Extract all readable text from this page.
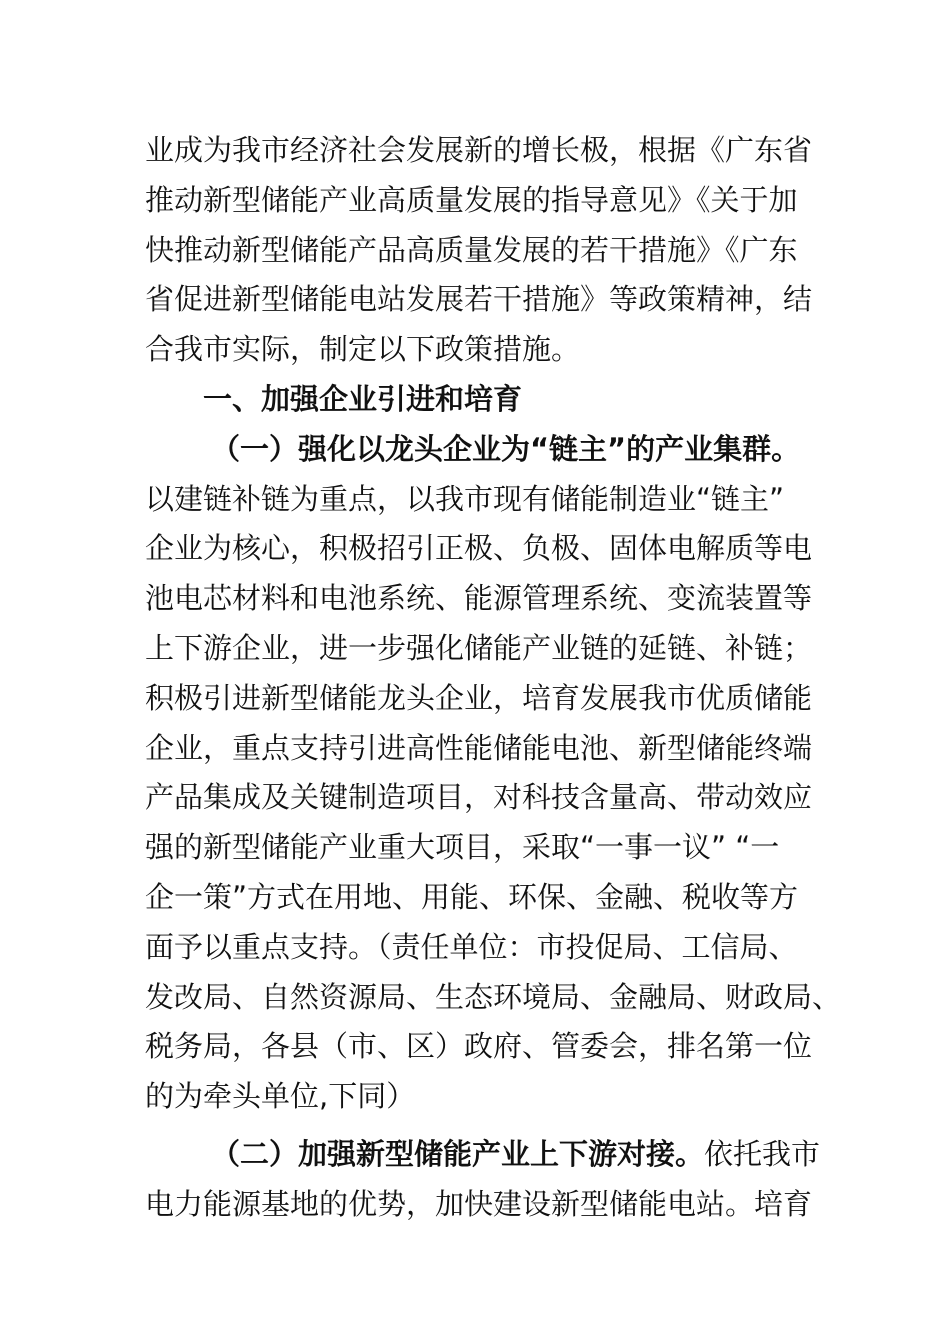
业成为我市经济社会发展新的增长极，根据《广东省
推动新型储能产业高质量发展的指导意见》《关于加
快推动新型储能产品高质量发展的若干措施》《广东
省促进新型储能电站发展若干措施》等政策精神，结
合我市实际，制定以下政策措施。
一、加强企业引进和培育
（一）强化以龙头企业为“链主”的产业集群。
以建链补链为重点，以我市现有储能制造业“链主”
企业为核心，积极招引正极、负极、固体电解质等电
池电芯材料和电池系统、能源管理系统、变流装置等
上下游企业，进一步强化储能产业链的延链、补链；
积极引进新型储能龙头企业，培育发展我市优质储能
企业，重点支持引进高性能储能电池、新型储能终端
产品集成及关键制造项目，对科技含量高、带动效应
强的新型储能产业重大项目，采取“一事一议” “一
企一策”方式在用地、用能、环保、金融、税收等方
面予以重点支持。（责任单位：市投促局、工信局、
发改局、自然资源局、生态环境局、金融局、财政局、
税务局，各县（市、区）政府、管委会，排名第一位
的为牵头单位,下同）
（二）加强新型储能产业上下游对接。依托我市
电力能源基地的优势，加快建设新型储能电站。培育
